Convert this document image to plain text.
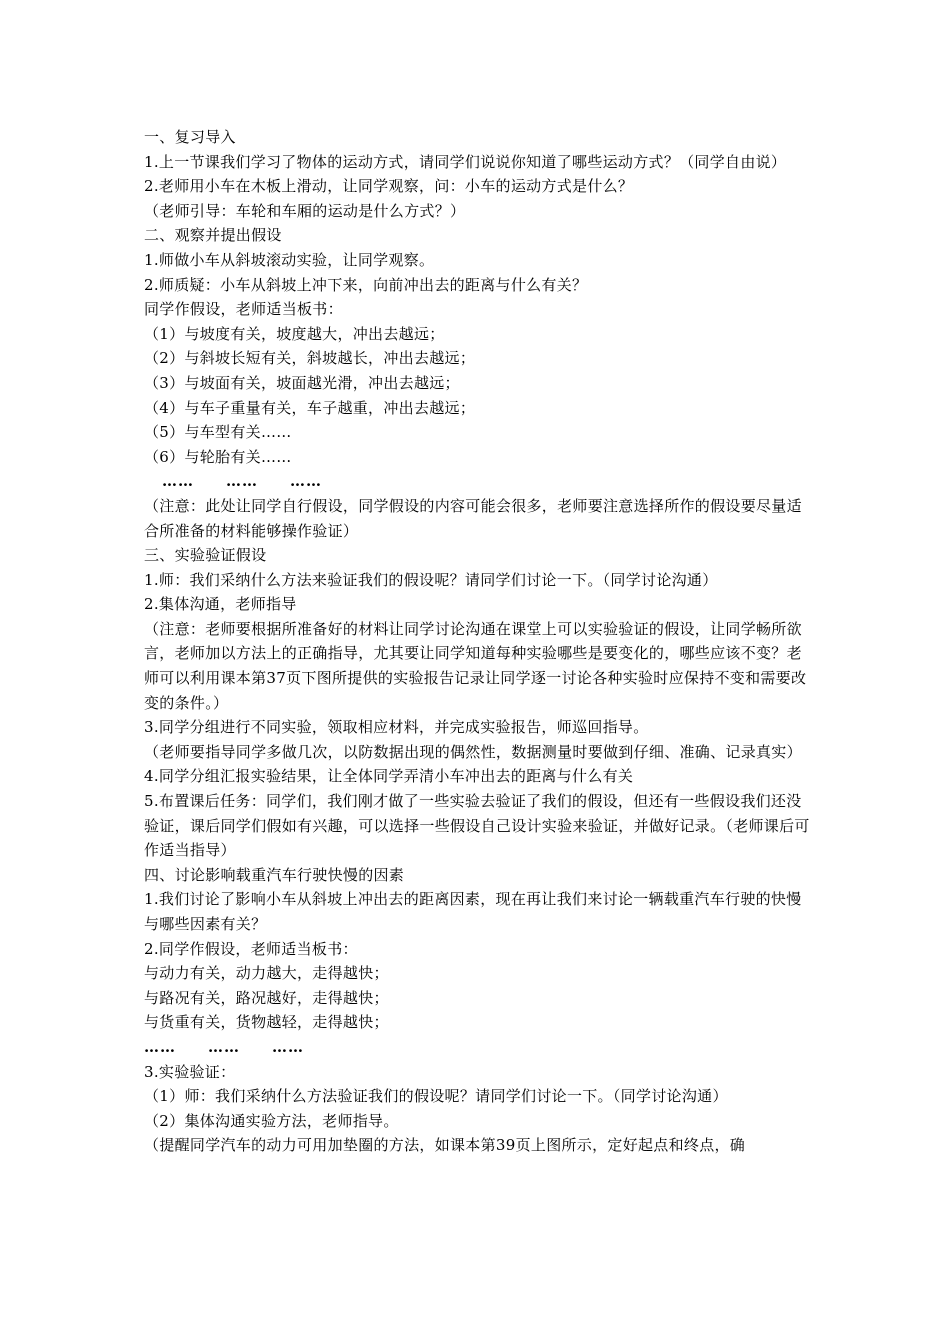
一、复习导入
1.上一节课我们学习了物体的运动方式，请同学们说说你知道了哪些运动方式？（同学自由说）
2.老师用小车在木板上滑动，让同学观察，问：小车的运动方式是什么？
（老师引导：车轮和车厢的运动是什么方式？）
二、观察并提出假设
1.师做小车从斜坡滚动实验，让同学观察。
2.师质疑：小车从斜坡上冲下来，向前冲出去的距离与什么有关？
同学作假设，老师适当板书：
（1）与坡度有关，坡度越大，冲出去越远；
（2）与斜坡长短有关，斜坡越长，冲出去越远；
（3）与坡面有关，坡面越光滑，冲出去越远；
（4）与车子重量有关，车子越重，冲出去越远；
（5）与车型有关……
（6）与轮胎有关……
……　　……　　……
（注意：此处让同学自行假设，同学假设的内容可能会很多，老师要注意选择所作的假设要尽量适合所准备的材料能够操作验证）
三、实验验证假设
1.师：我们采纳什么方法来验证我们的假设呢？请同学们讨论一下。（同学讨论沟通）
2.集体沟通，老师指导
（注意：老师要根据所准备好的材料让同学讨论沟通在课堂上可以实验验证的假设，让同学畅所欲言，老师加以方法上的正确指导，尤其要让同学知道每种实验哪些是要变化的，哪些应该不变？老师可以利用课本第37页下图所提供的实验报告记录让同学逐一讨论各种实验时应保持不变和需要改变的条件。）
3.同学分组进行不同实验，领取相应材料，并完成实验报告，师巡回指导。
（老师要指导同学多做几次，以防数据出现的偶然性，数据测量时要做到仔细、准确、记录真实）
4.同学分组汇报实验结果，让全体同学弄清小车冲出去的距离与什么有关
5.布置课后任务：同学们，我们刚才做了一些实验去验证了我们的假设，但还有一些假设我们还没验证，课后同学们假如有兴趣，可以选择一些假设自己设计实验来验证，并做好记录。（老师课后可作适当指导）
四、讨论影响载重汽车行驶快慢的因素
1.我们讨论了影响小车从斜坡上冲出去的距离因素，现在再让我们来讨论一辆载重汽车行驶的快慢与哪些因素有关？
2.同学作假设，老师适当板书：
与动力有关，动力越大，走得越快；
与路况有关，路况越好，走得越快；
与货重有关，货物越轻，走得越快；
……　　……　　……
3.实验验证：
（1）师：我们采纳什么方法验证我们的假设呢？请同学们讨论一下。（同学讨论沟通）
（2）集体沟通实验方法，老师指导。
（提醒同学汽车的动力可用加垫圈的方法，如课本第39页上图所示，定好起点和终点，确
